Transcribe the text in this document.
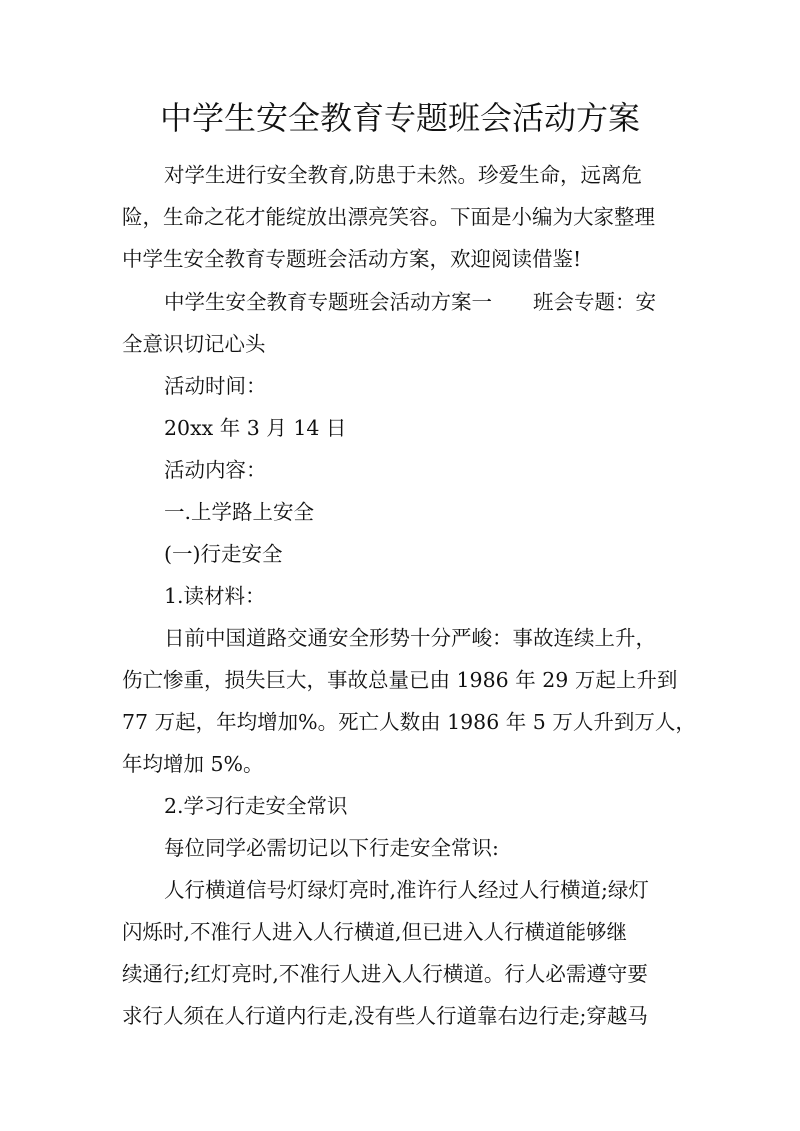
中学生安全教育专题班会活动方案

对学生进行安全教育,防患于未然。珍爱生命，远离危

险，生命之花才能绽放出漂亮笑容。下面是小编为大家整理

中学生安全教育专题班会活动方案，欢迎阅读借鉴!

中学生安全教育专题班会活动方案一　　班会专题：安

全意识切记心头

活动时间：

20xx 年 3 月 14 日

活动内容：

一.上学路上安全

(一)行走安全

1.读材料：

日前中国道路交通安全形势十分严峻：事故连续上升，

伤亡惨重，损失巨大，事故总量已由 1986 年 29 万起上升到

77 万起，年均增加%。死亡人数由 1986 年 5 万人升到万人，

年均增加 5%。

2.学习行走安全常识

每位同学必需切记以下行走安全常识:

人行横道信号灯绿灯亮时,准许行人经过人行横道;绿灯

闪烁时,不准行人进入人行横道,但已进入人行横道能够继

续通行;红灯亮时,不准行人进入人行横道。行人必需遵守要

求行人须在人行道内行走,没有些人行道靠右边行走;穿越马
